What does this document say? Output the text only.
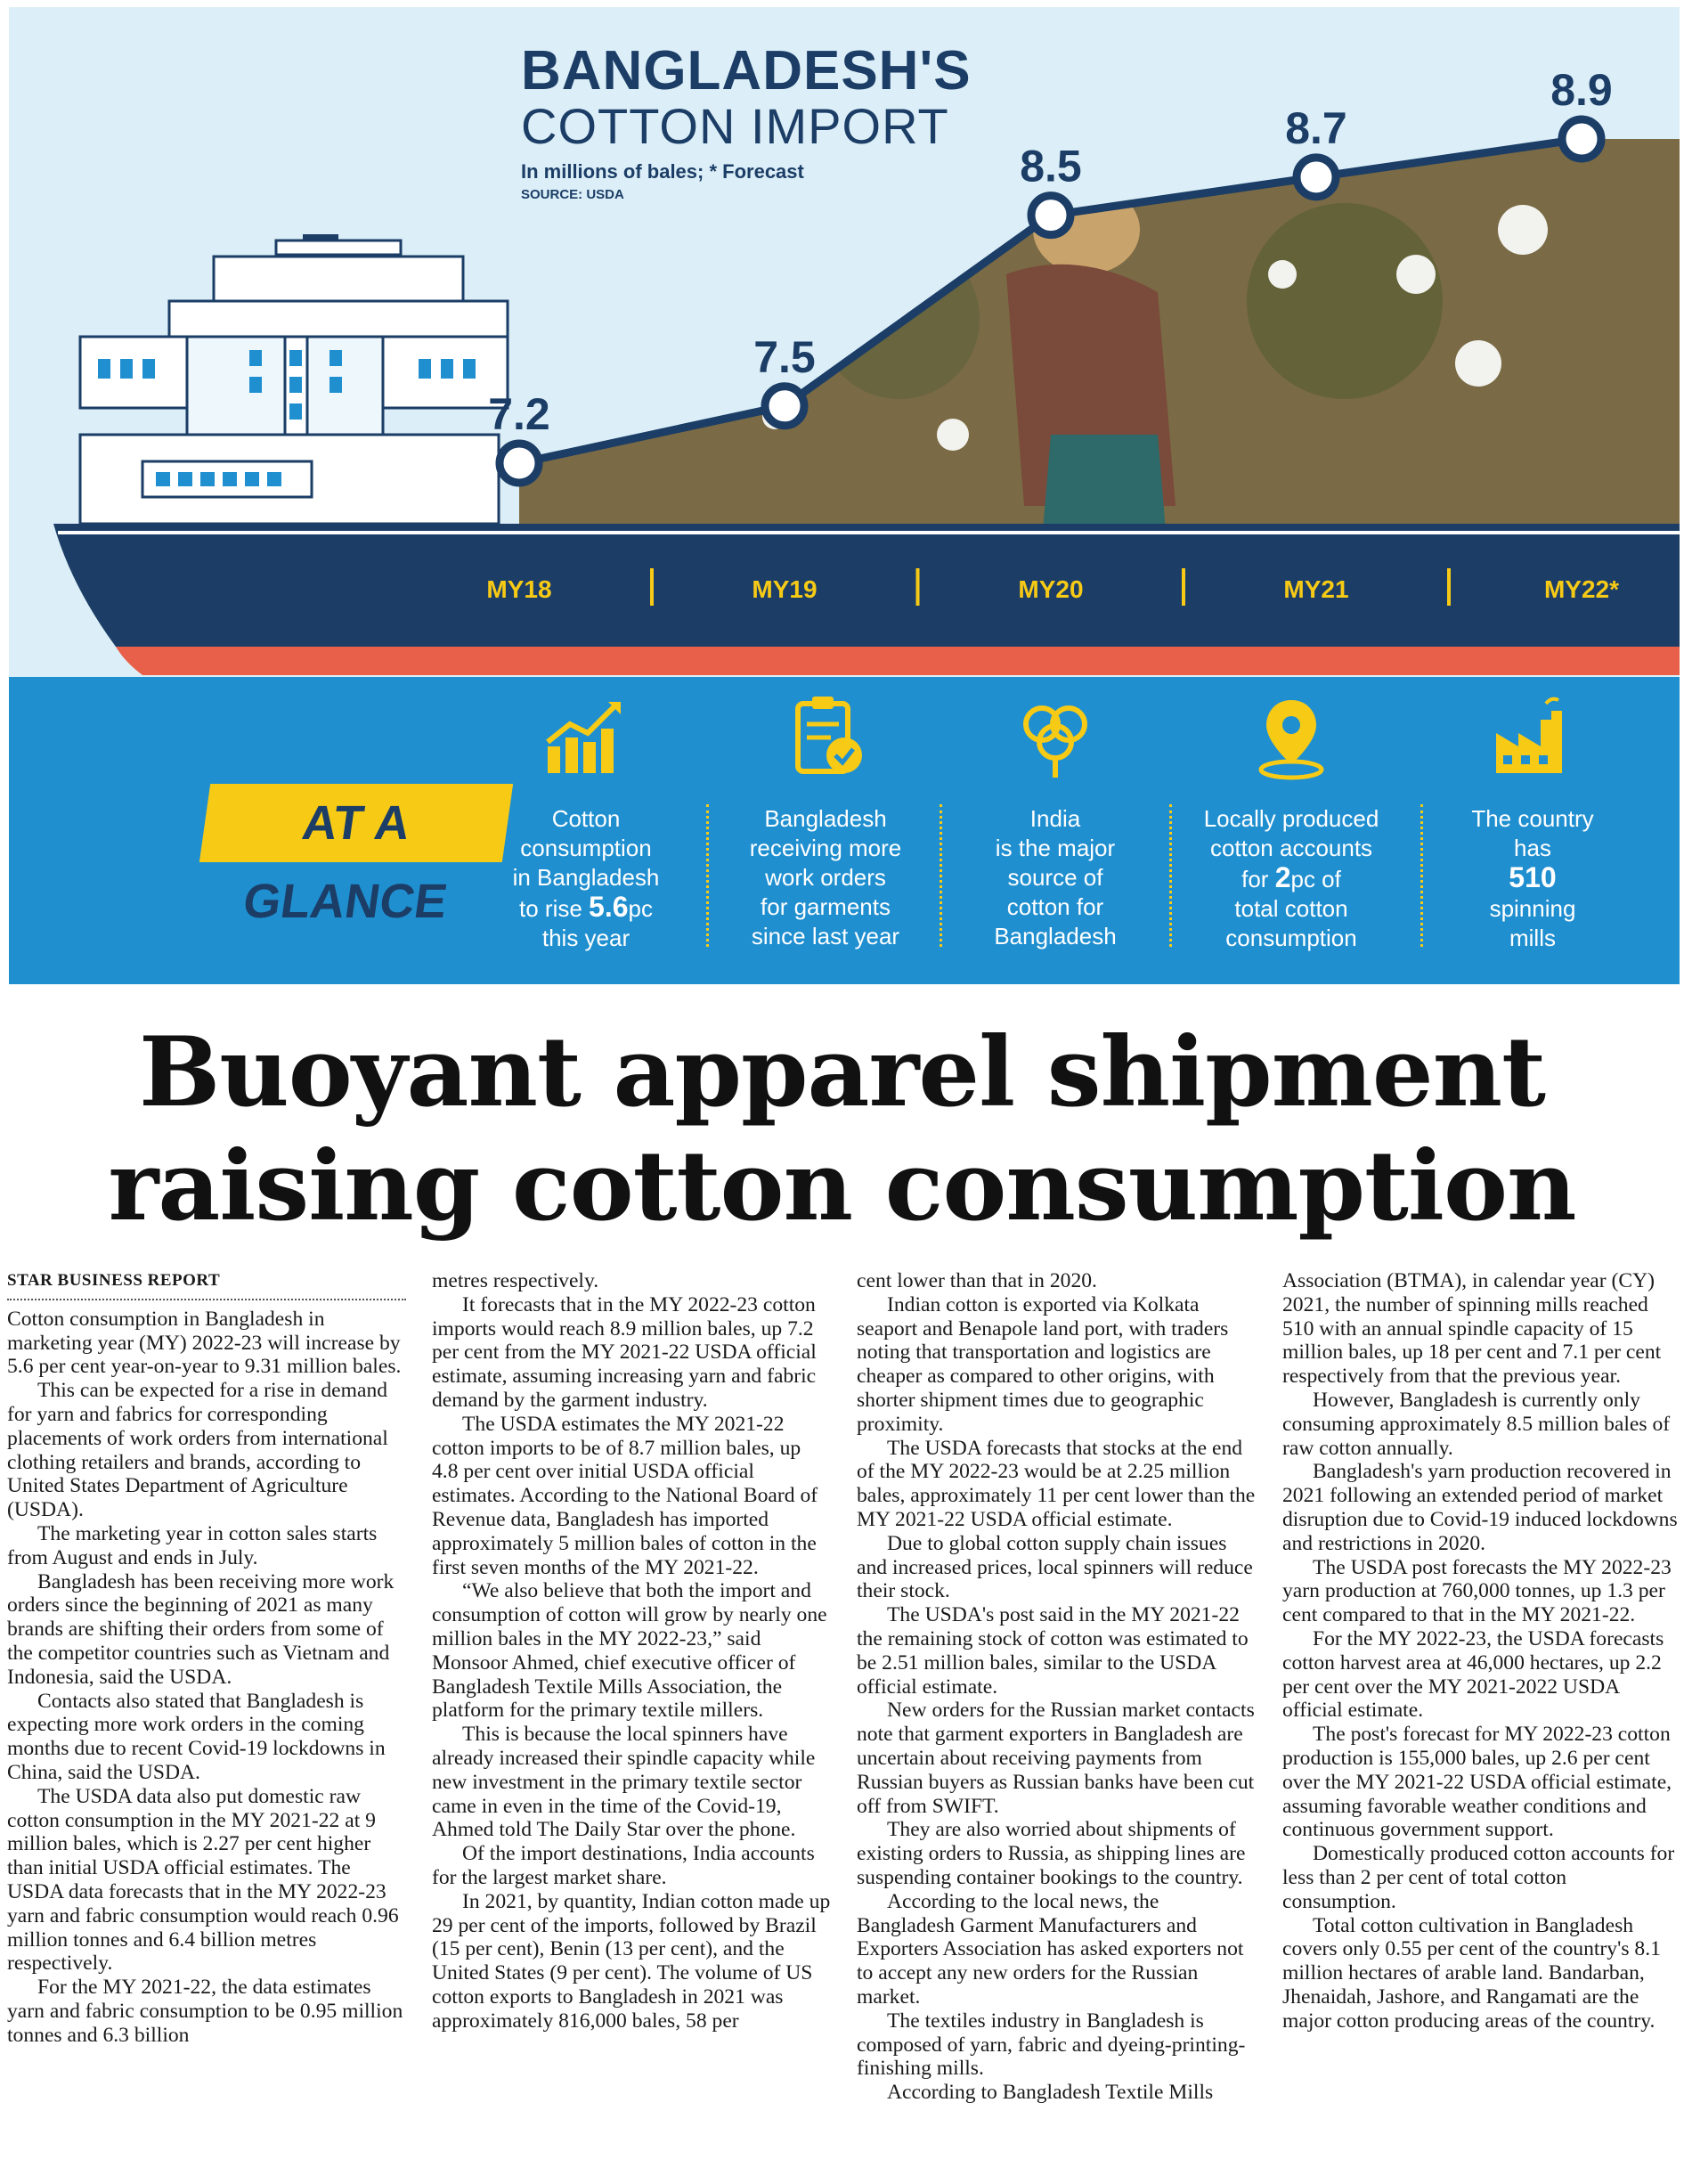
7.2
MY18
7.5
MY19
8.5
MY20
8.7
MY21
8.9
MY22*
BANGLADESH'S
COTTON IMPORT
In millions of bales; * Forecast
SOURCE: USDA
AT A GLANCE
Cotton
consumption
in Bangladesh
to rise 5.6pc
this year
Bangladesh
receiving more
work orders
for garments
since last year
India
is the major
source of
cotton for
Bangladesh
Locally produced
cotton accounts
for 2pc of
total cotton
consumption
The country
has
510
spinning
mills
Buoyant apparel shipment
raising cotton consumption
STAR BUSINESS REPORT

Cotton consumption in Bangladesh in marketing year (MY) 2022-23 will increase by 5.6 per cent year-on-year to 9.31 million bales.

This can be expected for a rise in demand for yarn and fabrics for corresponding placements of work orders from international clothing retailers and brands, according to United States Department of Agriculture (USDA).

The marketing year in cotton sales starts from August and ends in July.

Bangladesh has been receiving more work orders since the beginning of 2021 as many brands are shifting their orders from some of the competitor countries such as Vietnam and Indonesia, said the USDA.

Contacts also stated that Bangladesh is expecting more work orders in the coming months due to recent Covid-19 lockdowns in China, said the USDA.

The USDA data also put domestic raw cotton consumption in the MY 2021-22 at 9 million bales, which is 2.27 per cent higher than initial USDA official estimates. The USDA data forecasts that in the MY 2022-23 yarn and fabric consumption would reach 0.96 million tonnes and 6.4 billion metres respectively.

For the MY 2021-22, the data estimates yarn and fabric consumption to be 0.95 million tonnes and 6.3 billion

metres respectively.

It forecasts that in the MY 2022-23 cotton imports would reach 8.9 million bales, up 7.2 per cent from the MY 2021-22 USDA official estimate, assuming increasing yarn and fabric demand by the garment industry.

The USDA estimates the MY 2021-22 cotton imports to be of 8.7 million bales, up 4.8 per cent over initial USDA official estimates. According to the National Board of Revenue data, Bangladesh has imported approximately 5 million bales of cotton in the first seven months of the MY 2021-22.

“We also believe that both the import and consumption of cotton will grow by nearly one million bales in the MY 2022-23,” said Monsoor Ahmed, chief executive officer of Bangladesh Textile Mills Association, the platform for the primary textile millers.

This is because the local spinners have already increased their spindle capacity while new investment in the primary textile sector came in even in the time of the Covid-19, Ahmed told The Daily Star over the phone.

Of the import destinations, India accounts for the largest market share.

In 2021, by quantity, Indian cotton made up 29 per cent of the imports, followed by Brazil (15 per cent), Benin (13 per cent), and the United States (9 per cent). The volume of US cotton exports to Bangladesh in 2021 was approximately 816,000 bales, 58 per

cent lower than that in 2020.

Indian cotton is exported via Kolkata seaport and Benapole land port, with traders noting that transportation and logistics are cheaper as compared to other origins, with shorter shipment times due to geographic proximity.

The USDA forecasts that stocks at the end of the MY 2022-23 would be at 2.25 million bales, approximately 11 per cent lower than the MY 2021-22 USDA official estimate.

Due to global cotton supply chain issues and increased prices, local spinners will reduce their stock.

The USDA's post said in the MY 2021-22 the remaining stock of cotton was estimated to be 2.51 million bales, similar to the USDA official estimate.

New orders for the Russian market contacts note that garment exporters in Bangladesh are uncertain about receiving payments from Russian buyers as Russian banks have been cut off from SWIFT.

They are also worried about shipments of existing orders to Russia, as shipping lines are suspending container bookings to the country.

According to the local news, the Bangladesh Garment Manufacturers and Exporters Association has asked exporters not to accept any new orders for the Russian market.

The textiles industry in Bangladesh is composed of yarn, fabric and dyeing-printing-finishing mills.

According to Bangladesh Textile Mills

Association (BTMA), in calendar year (CY) 2021, the number of spinning mills reached 510 with an annual spindle capacity of 15 million bales, up 18 per cent and 7.1 per cent respectively from that the previous year.

However, Bangladesh is currently only consuming approximately 8.5 million bales of raw cotton annually.

Bangladesh's yarn production recovered in 2021 following an extended period of market disruption due to Covid-19 induced lockdowns and restrictions in 2020.

The USDA post forecasts the MY 2022-23 yarn production at 760,000 tonnes, up 1.3 per cent compared to that in the MY 2021-22.

For the MY 2022-23, the USDA forecasts cotton harvest area at 46,000 hectares, up 2.2 per cent over the MY 2021-2022 USDA official estimate.

The post's forecast for MY 2022-23 cotton production is 155,000 bales, up 2.6 per cent over the MY 2021-22 USDA official estimate, assuming favorable weather conditions and continuous government support.

Domestically produced cotton accounts for less than 2 per cent of total cotton consumption.

Total cotton cultivation in Bangladesh covers only 0.55 per cent of the country's 8.1 million hectares of arable land. Bandarban, Jhenaidah, Jashore, and Rangamati are the major cotton producing areas of the country.
